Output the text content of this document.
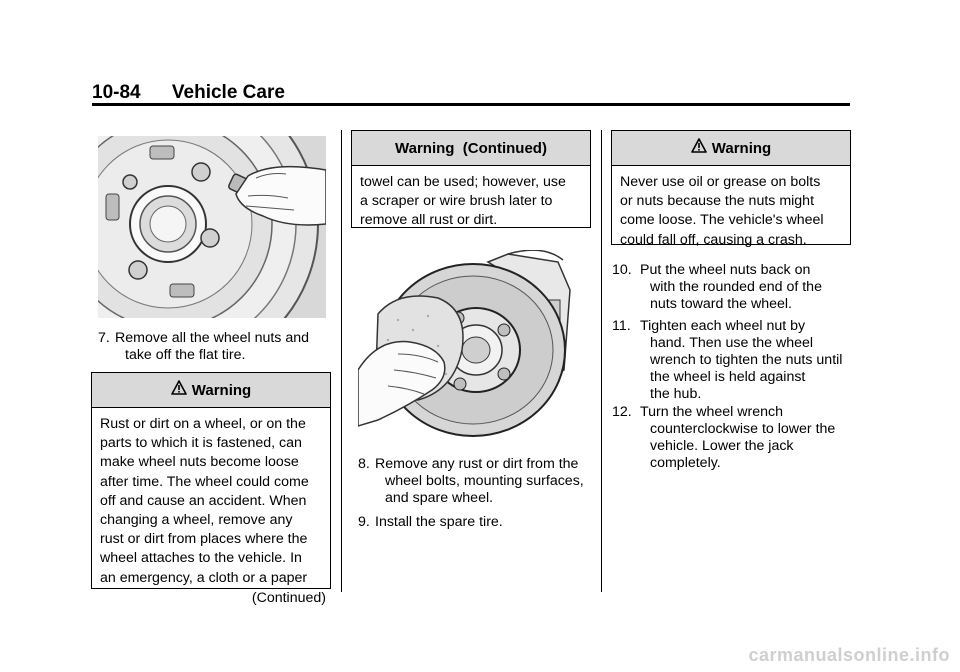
10-84 Vehicle Care
7. Remove all the wheel nuts and
take off the flat tire.
Warning

Rust or dirt on a wheel, or on the

parts to which it is fastened, can

make wheel nuts become loose

after time. The wheel could come

off and cause an accident. When

changing a wheel, remove any

rust or dirt from places where the

wheel attaches to the vehicle. In

an emergency, a cloth or a paper

(Continued)
Warning  (Continued)

towel can be used; however, use

a scraper or wire brush later to

remove all rust or dirt.

8. Remove any rust or dirt from the
wheel bolts, mounting surfaces,
and spare wheel.
9. Install the spare tire.
Warning

Never use oil or grease on bolts

or nuts because the nuts might

come loose. The vehicle's wheel

could fall off, causing a crash.

10. Put the wheel nuts back on
with the rounded end of the
nuts toward the wheel.
11. Tighten each wheel nut by
hand. Then use the wheel
wrench to tighten the nuts until
the wheel is held against
the hub.
12. Turn the wheel wrench
counterclockwise to lower the
vehicle. Lower the jack
completely.
carmanualsonline.info
